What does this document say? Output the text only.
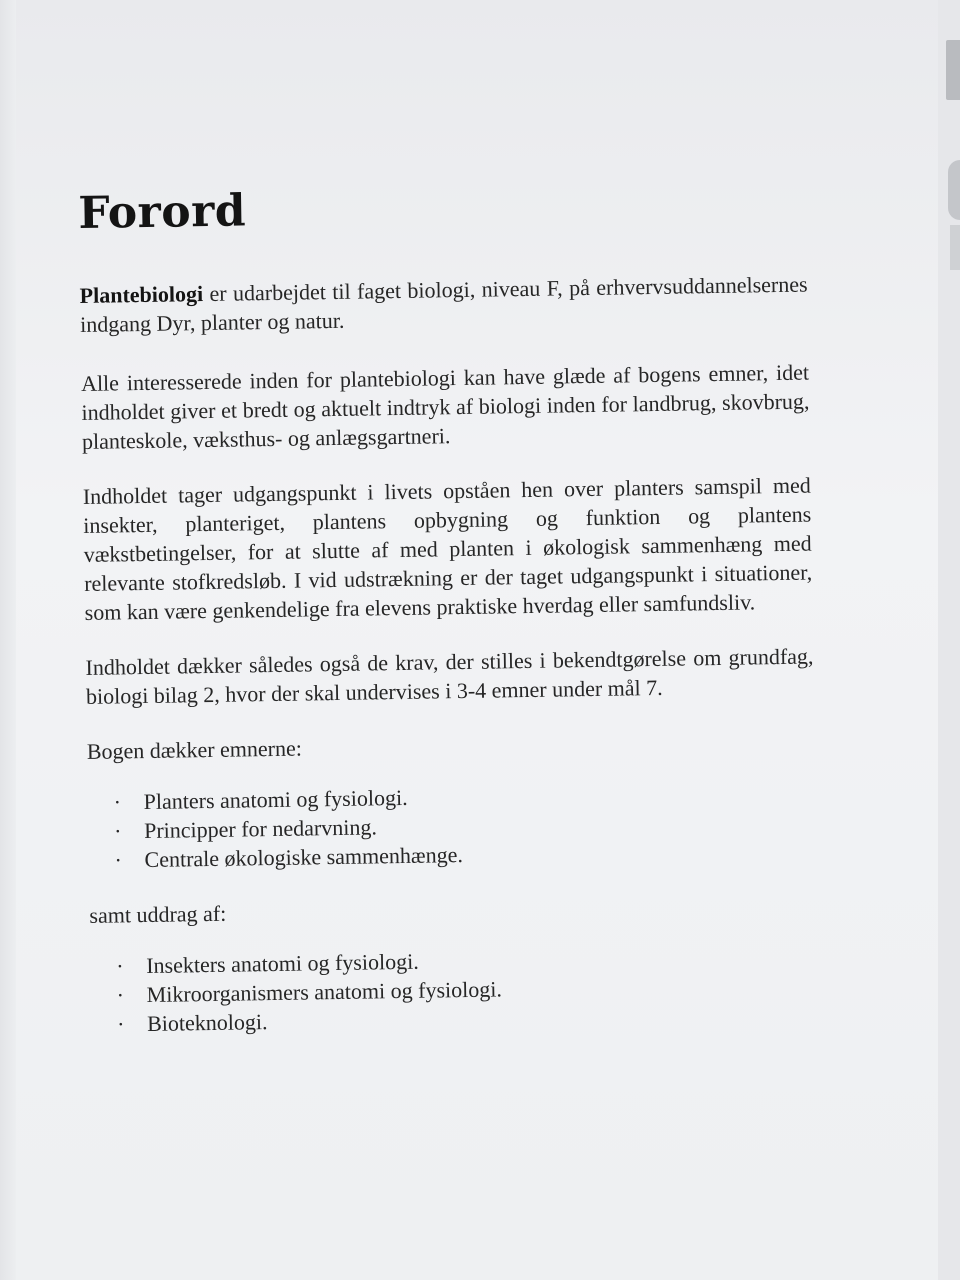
Forord

Plantebiologi er udarbejdet til faget biologi, niveau F, på erhvervsuddannelsernes indgang Dyr, planter og natur.

Alle interesserede inden for plantebiologi kan have glæde af bogens emner, idet indholdet giver et bredt og aktuelt indtryk af biologi inden for landbrug, skovbrug, planteskole, væksthus- og anlægsgartneri.

Indholdet tager udgangspunkt i livets opståen hen over planters samspil med insekter, planteriget, plantens opbygning og funktion og plantens vækstbetingelser, for at slutte af med planten i økologisk sammenhæng med relevante stofkredsløb. I vid udstrækning er der taget udgangspunkt i situationer, som kan være genkendelige fra elevens praktiske hverdag eller samfundsliv.

Indholdet dækker således også de krav, der stilles i bekendtgørelse om grundfag, biologi bilag 2, hvor der skal undervises i 3-4 emner under mål 7.

Bogen dækker emnerne:

· Planters anatomi og fysiologi.
· Principper for nedarvning.
· Centrale økologiske sammenhænge.

samt uddrag af:

· Insekters anatomi og fysiologi.
· Mikroorganismers anatomi og fysiologi.
· Bioteknologi.
